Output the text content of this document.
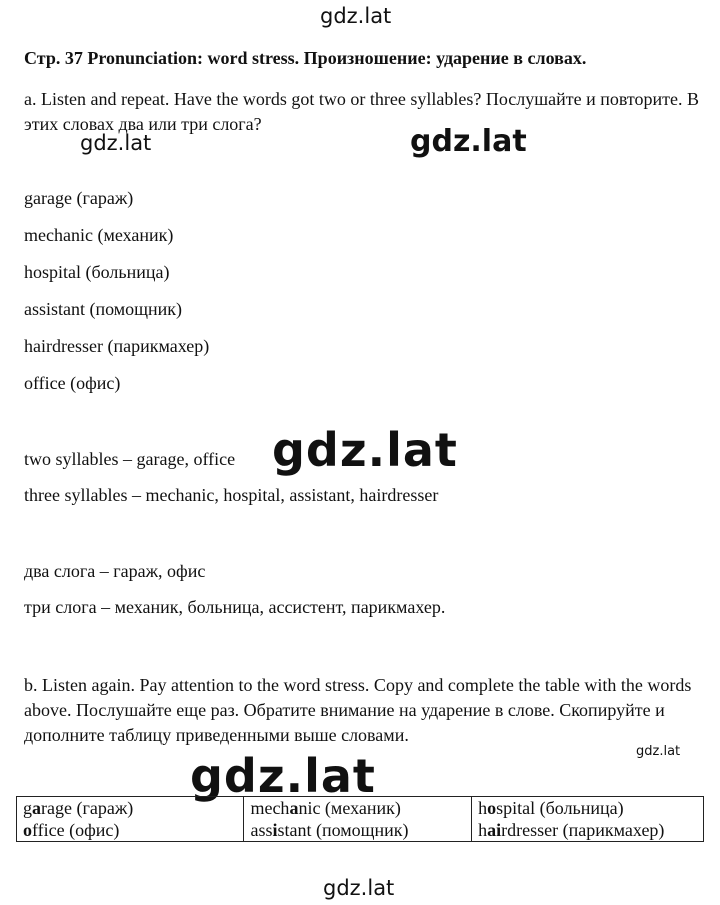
gdz.lat
gdz.lat	gdz.lat
gdz.lat
gdz.lat
gdz.lat
gdz.lat
Стр. 37 Pronunciation: word stress. Произношение: ударение в словах.
a. Listen and repeat. Have the words got two or three syllables? Послушайте и повторите. В этих словах два или три слога?
garage (гараж)
mechanic (механик)
hospital (больница)
assistant (помощник)
hairdresser (парикмахер)
office (офис)
two syllables – garage, office
three syllables – mechanic, hospital, assistant, hairdresser
два слога – гараж, офис
три слога – механик, больница, ассистент, парикмахер.
b. Listen again. Pay attention to the word stress. Copy and complete the table with the words above. Послушайте еще раз. Обратите внимание на ударение в слове. Скопируйте и дополните таблицу приведенными выше словами.
garage (гараж)	mechanic (механик)	hospital (больница)

office (офис)	assistant (помощник)	hairdresser (парикмахер)
